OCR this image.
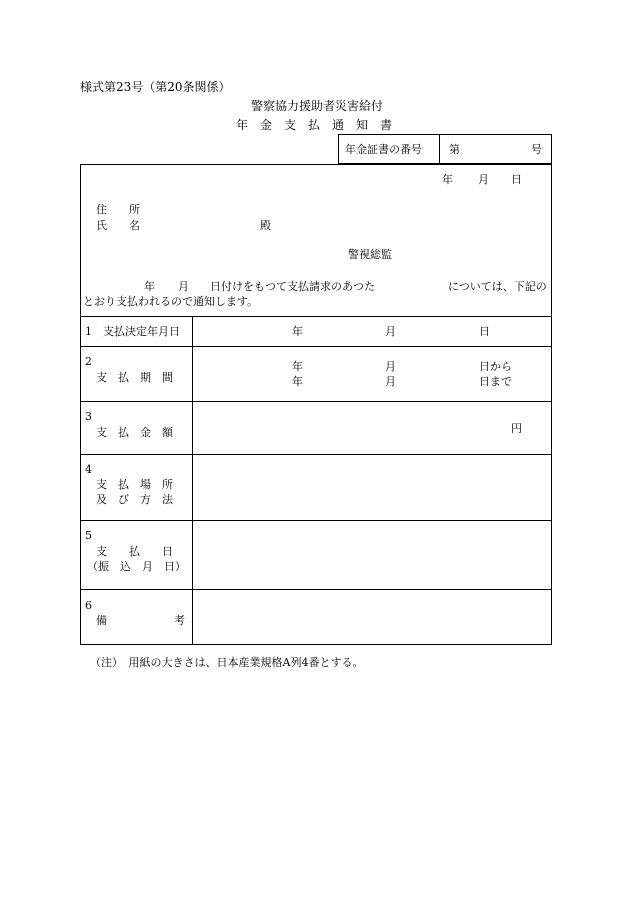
様式第23号（第20条関係）
警察協力援助者災害給付
年　金　支　払　通　知　書
年金証書の番号 第	号
年 月 日
住　　所
氏　　名	殿
警視総監
年 月 日付けをもつて支払請求のあつた	については、下記の
とおり支払われるので通知します。
1 支払決定年月日	年	月	日
2
支　払　期　間
年	月	日から
年	月	日まで
3
支　払　金　額	円
4
支　払　場　所
及　び　方　法
5
支　　払　　日
（振　込　月　日）
6
備	考
（注）　用紙の大きさは、日本産業規格A列4番とする。
